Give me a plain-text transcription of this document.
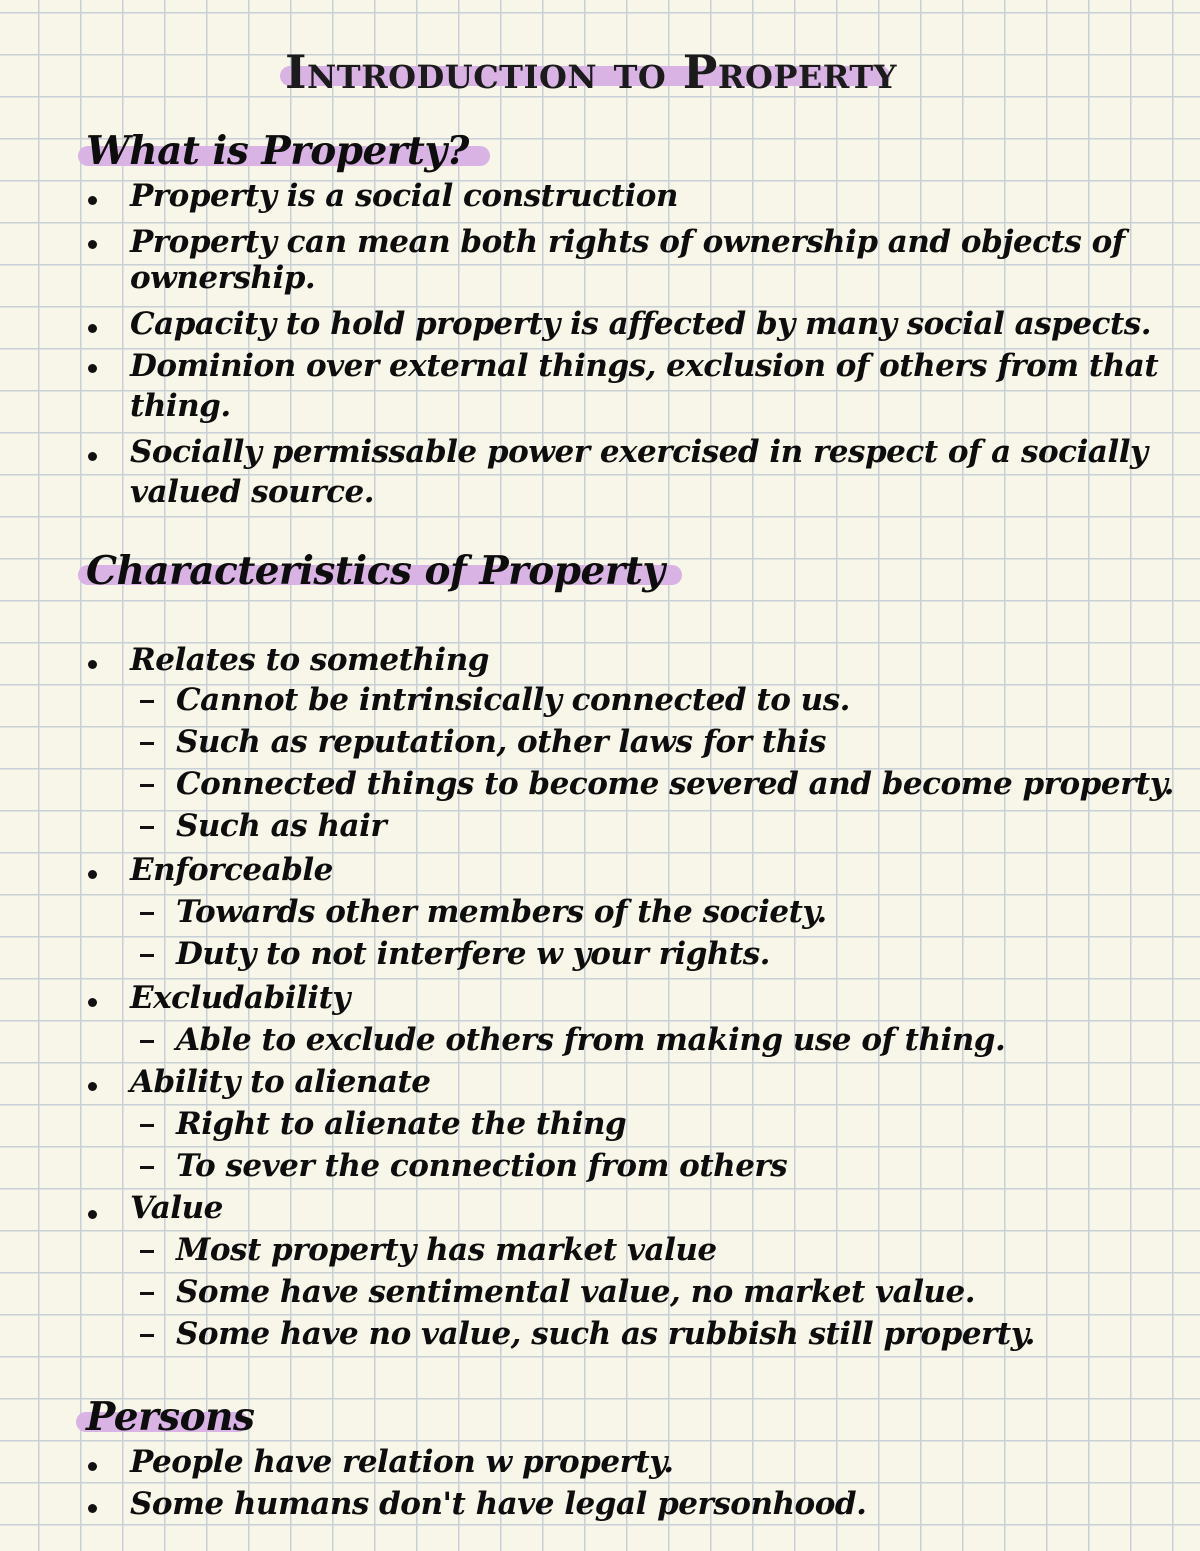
Introduction to Property
What is Property?
Property is a social construction
Property can mean both rights of ownership and objects of
ownership.
Capacity to hold property is affected by many social aspects.
Dominion over external things, exclusion of others from that
thing.
Socially permissable power exercised in respect of a socially
valued source.
Characteristics of Property
Relates to something
Cannot be intrinsically connected to us.
Such as reputation, other laws for this
Connected things to become severed and become property.
Such as hair
Enforceable
Towards other members of the society.
Duty to not interfere w your rights.
Excludability
Able to exclude others from making use of thing.
Ability to alienate
Right to alienate the thing
To sever the connection from others
Value
Most property has market value
Some have sentimental value, no market value.
Some have no value, such as rubbish still property.
Persons
People have relation w property.
Some humans don't have legal personhood.
